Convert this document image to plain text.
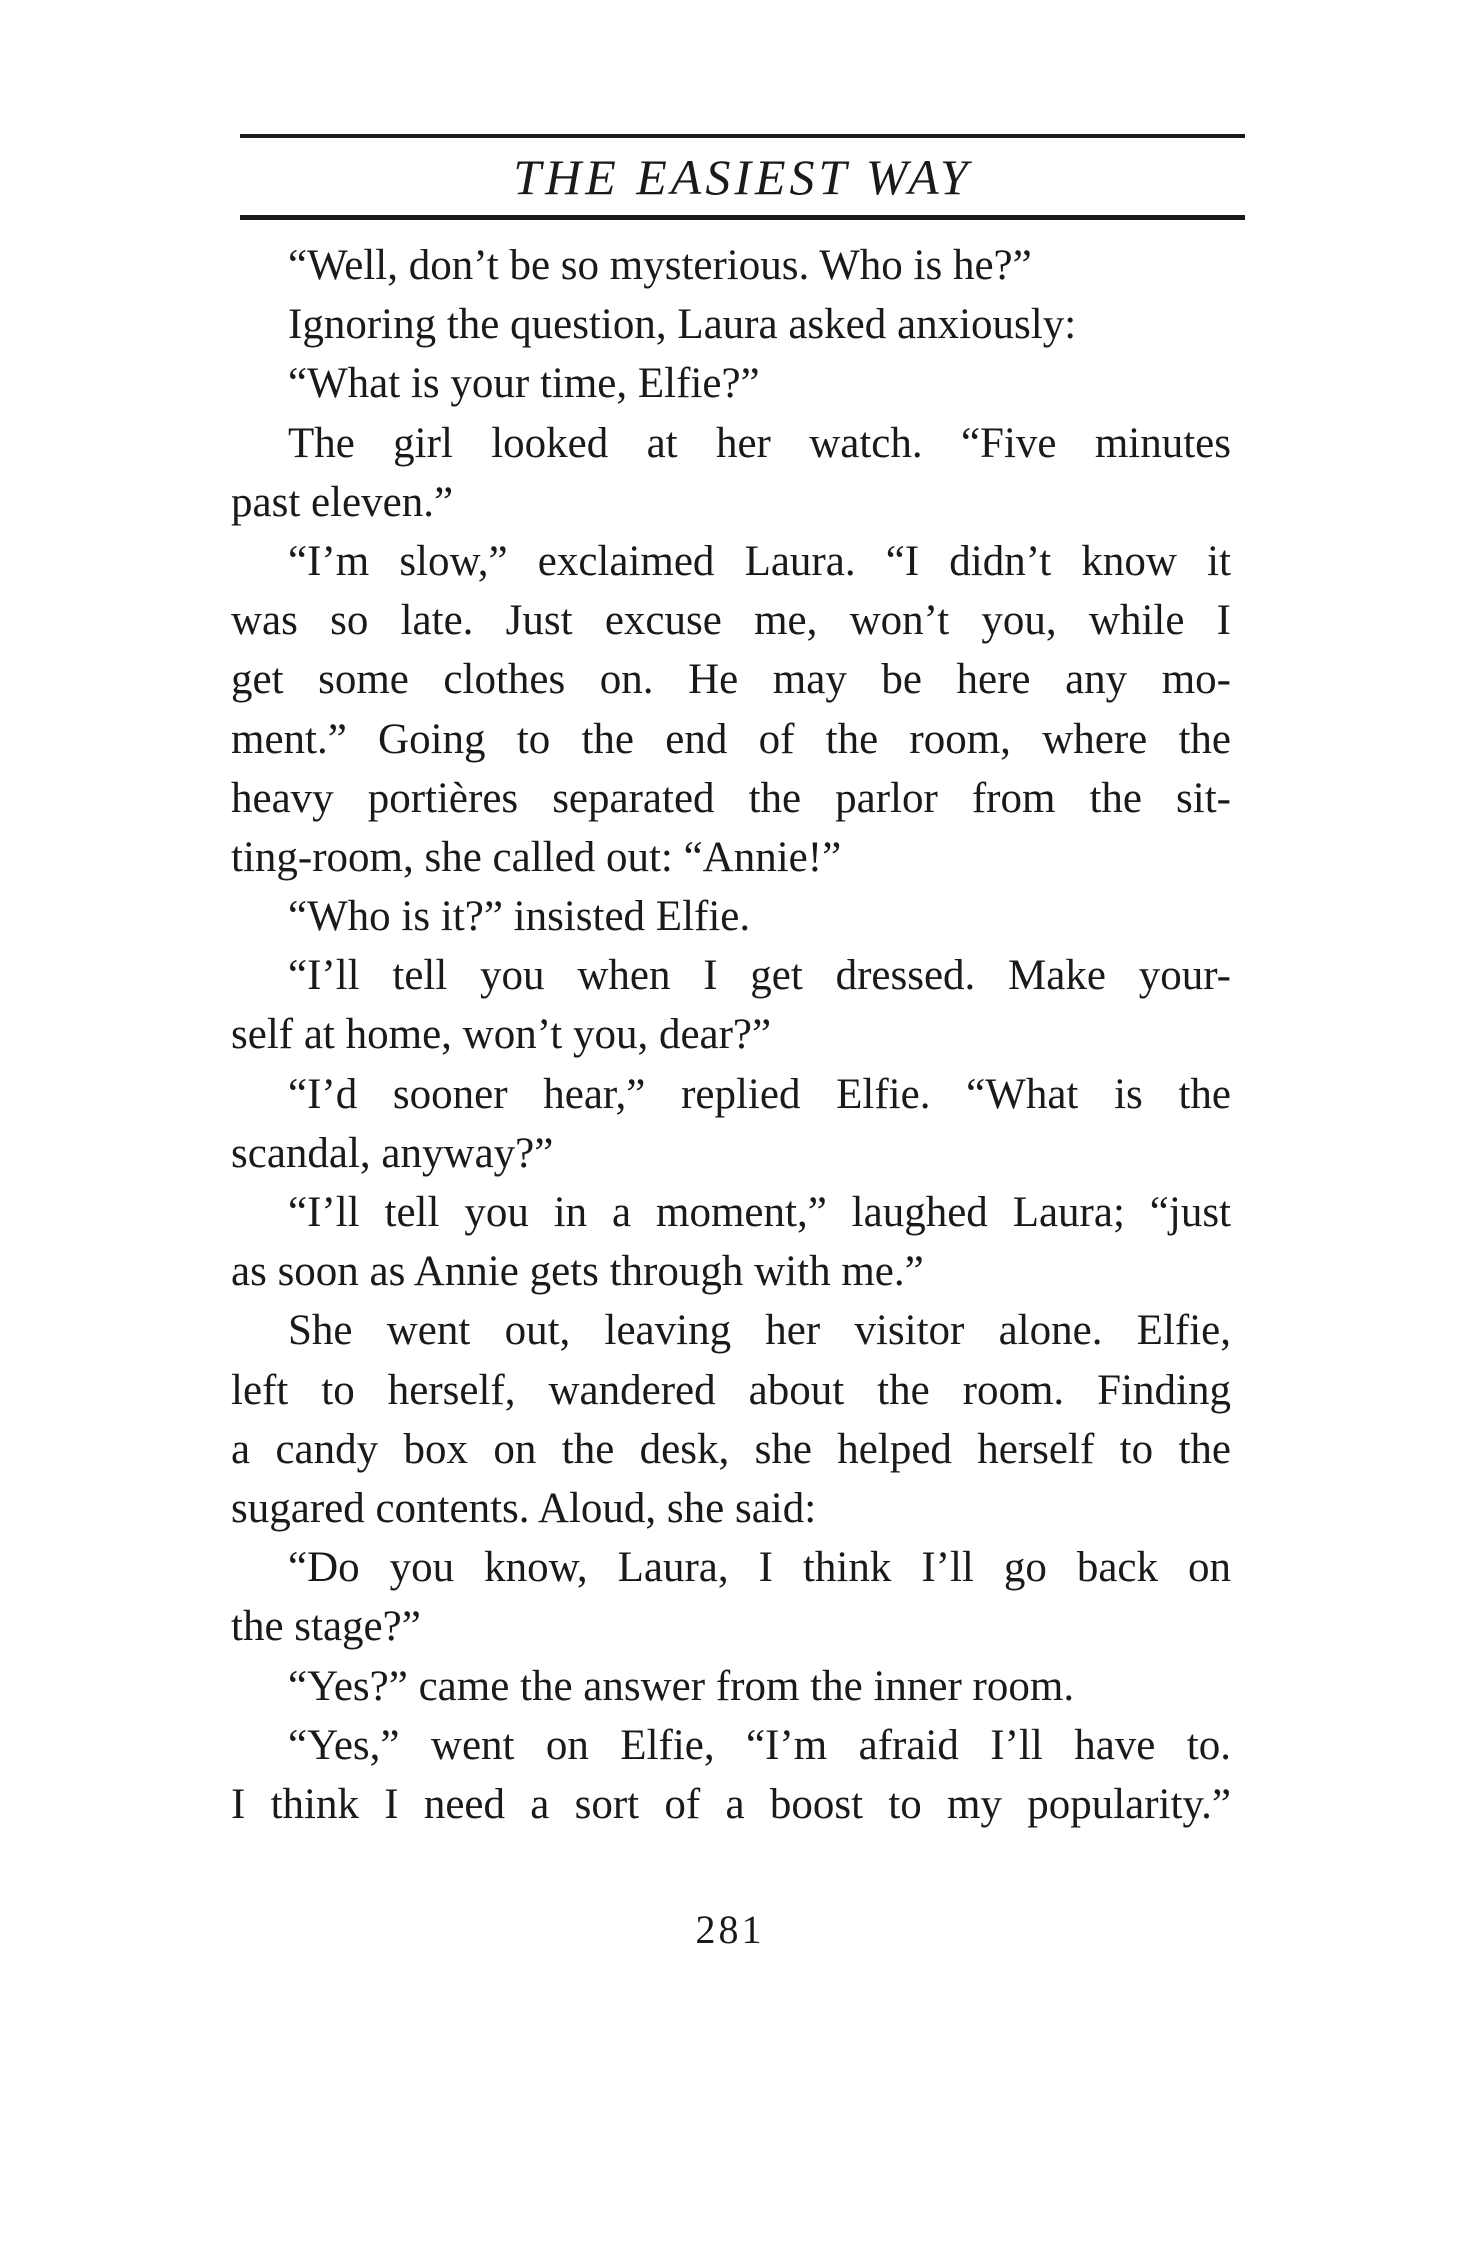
THE EASIEST WAY
“Well, don’t be so mysterious. Who is he?”
Ignoring the question, Laura asked anxiously:
“What is your time, Elfie?”
The girl looked at her watch. “Five minutes
past eleven.”
“I’m slow,” exclaimed Laura. “I didn’t know it
was so late. Just excuse me, won’t you, while I
get some clothes on. He may be here any mo-
ment.” Going to the end of the room, where the
heavy portières separated the parlor from the sit-
ting-room, she called out: “Annie!”
“Who is it?” insisted Elfie.
“I’ll tell you when I get dressed. Make your-
self at home, won’t you, dear?”
“I’d sooner hear,” replied Elfie. “What is the
scandal, anyway?”
“I’ll tell you in a moment,” laughed Laura; “just
as soon as Annie gets through with me.”
She went out, leaving her visitor alone. Elfie,
left to herself, wandered about the room. Finding
a candy box on the desk, she helped herself to the
sugared contents. Aloud, she said:
“Do you know, Laura, I think I’ll go back on
the stage?”
“Yes?” came the answer from the inner room.
“Yes,” went on Elfie, “I’m afraid I’ll have to.
I think I need a sort of a boost to my popularity.”
281
